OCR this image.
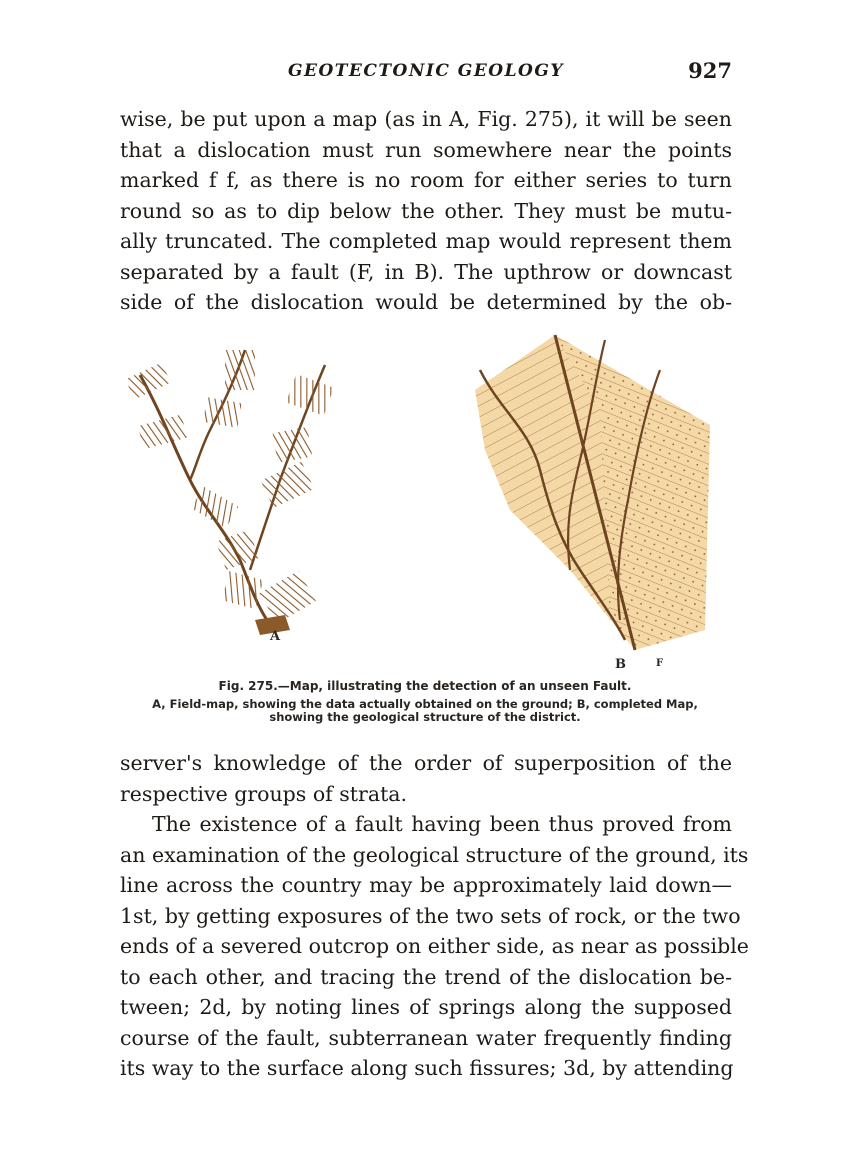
GEOTECTONIC GEOLOGY	927
wise, be put upon a map (as in A, Fig. 275), it will be seen
that a dislocation must run somewhere near the points
marked f f, as there is no room for either series to turn
round so as to dip below the other. They must be mutu-
ally truncated. The completed map would represent them
separated by a fault (F, in B). The upthrow or downcast
side of the dislocation would be determined by the ob-
A
B	F
Fig. 275.—Map, illustrating the detection of an unseen Fault.
A, Field-map, showing the data actually obtained on the ground; B, completed Map,
showing the geological structure of the district.
server's knowledge of the order of superposition of the
respective groups of strata.
The existence of a fault having been thus proved from
an examination of the geological structure of the ground, its
line across the country may be approximately laid down—
1st, by getting exposures of the two sets of rock, or the two
ends of a severed outcrop on either side, as near as possible
to each other, and tracing the trend of the dislocation be-
tween; 2d, by noting lines of springs along the supposed
course of the fault, subterranean water frequently finding
its way to the surface along such fissures; 3d, by attending
